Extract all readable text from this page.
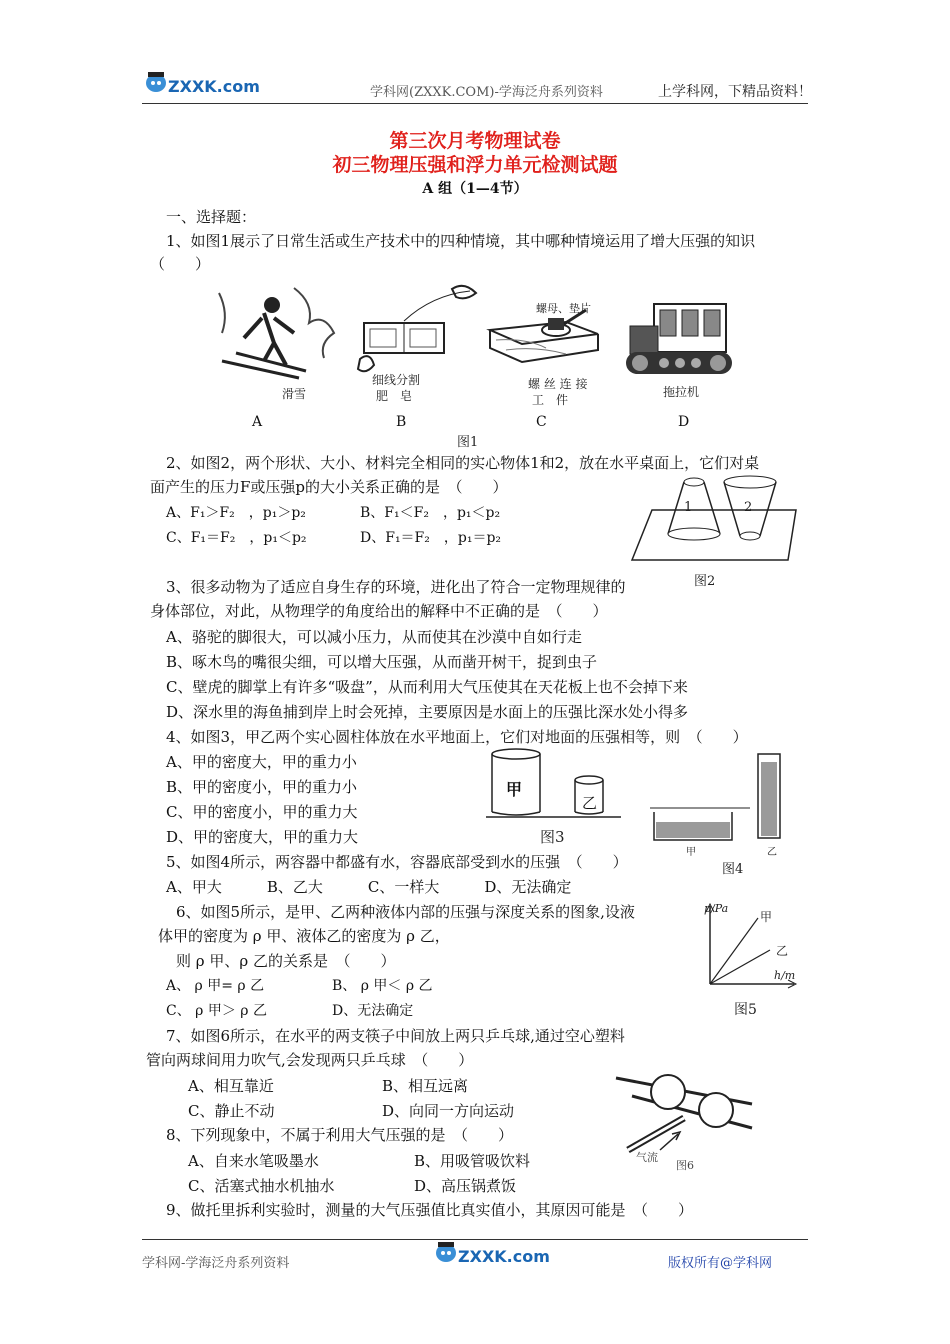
ZXXK.com	学科网(ZXXK.COM)-学海泛舟系列资料	上学科网，下精品资料！
第三次月考物理试卷
初三物理压强和浮力单元检测试题
A 组（1—4节）
一、选择题：
1、如图1展示了日常生活或生产技术中的四种情境，其中哪种情境运用了增大压强的知识
（　　）
螺母、垫片
滑雪
细线分割
肥　皂
螺 丝 连 接
工　件
拖拉机
A	B	C	D
图1
2、如图2，两个形状、大小、材料完全相同的实心物体1和2，放在水平桌面上，它们对桌
面产生的压力F或压强p的大小关系正确的是　（　　）
A、F₁＞F₂　，p₁＞p₂	B、F₁＜F₂　，p₁＜p₂
C、F₁＝F₂　，p₁＜p₂	D、F₁＝F₂　，p₁＝p₂
1	2
图2
3、很多动物为了适应自身生存的环境，进化出了符合一定物理规律的
身体部位，对此，从物理学的角度给出的解释中不正确的是　（　　）
A、骆驼的脚很大，可以减小压力，从而使其在沙漠中自如行走
B、啄木鸟的嘴很尖细，可以增大压强，从而凿开树干，捉到虫子
C、壁虎的脚掌上有许多“吸盘”，从而利用大气压使其在天花板上也不会掉下来
D、深水里的海鱼捕到岸上时会死掉，主要原因是水面上的压强比深水处小得多
4、如图3，甲乙两个实心圆柱体放在水平地面上，它们对地面的压强相等，则　（　　）
A、甲的密度大，甲的重力小
B、甲的密度小，甲的重力小
C、甲的密度小，甲的重力大
D、甲的密度大，甲的重力大
甲
乙
图3
甲	乙
图4
5、如图4所示，两容器中都盛有水，容器底部受到水的压强　（　　）
A、甲大　　　B、乙大　　　C、一样大　　　D、无法确定
6、如图5所示，是甲、乙两种液体内部的压强与深度关系的图象,设液
体甲的密度为 ρ 甲、液体乙的密度为 ρ 乙，
则 ρ 甲、ρ 乙的关系是　（　　）
A、 ρ 甲= ρ 乙	B、 ρ 甲＜ ρ 乙
C、 ρ 甲＞ ρ 乙	D、无法确定
p/Pa
h/m
甲
乙
图5
7、如图6所示，在水平的两支筷子中间放上两只乒乓球,通过空心塑料
管向两球间用力吹气,会发现两只乒乓球　（　　）
A、相互靠近	B、相互远离
C、静止不动	D、向同一方向运动
气流
图6
8、下列现象中，不属于利用大气压强的是　（　　）
A、自来水笔吸墨水	B、用吸管吸饮料
C、活塞式抽水机抽水	D、高压锅煮饭
9、做托里拆利实验时，测量的大气压强值比真实值小，其原因可能是　（　　）
学科网-学海泛舟系列资料	ZXXK.com	版权所有@学科网
